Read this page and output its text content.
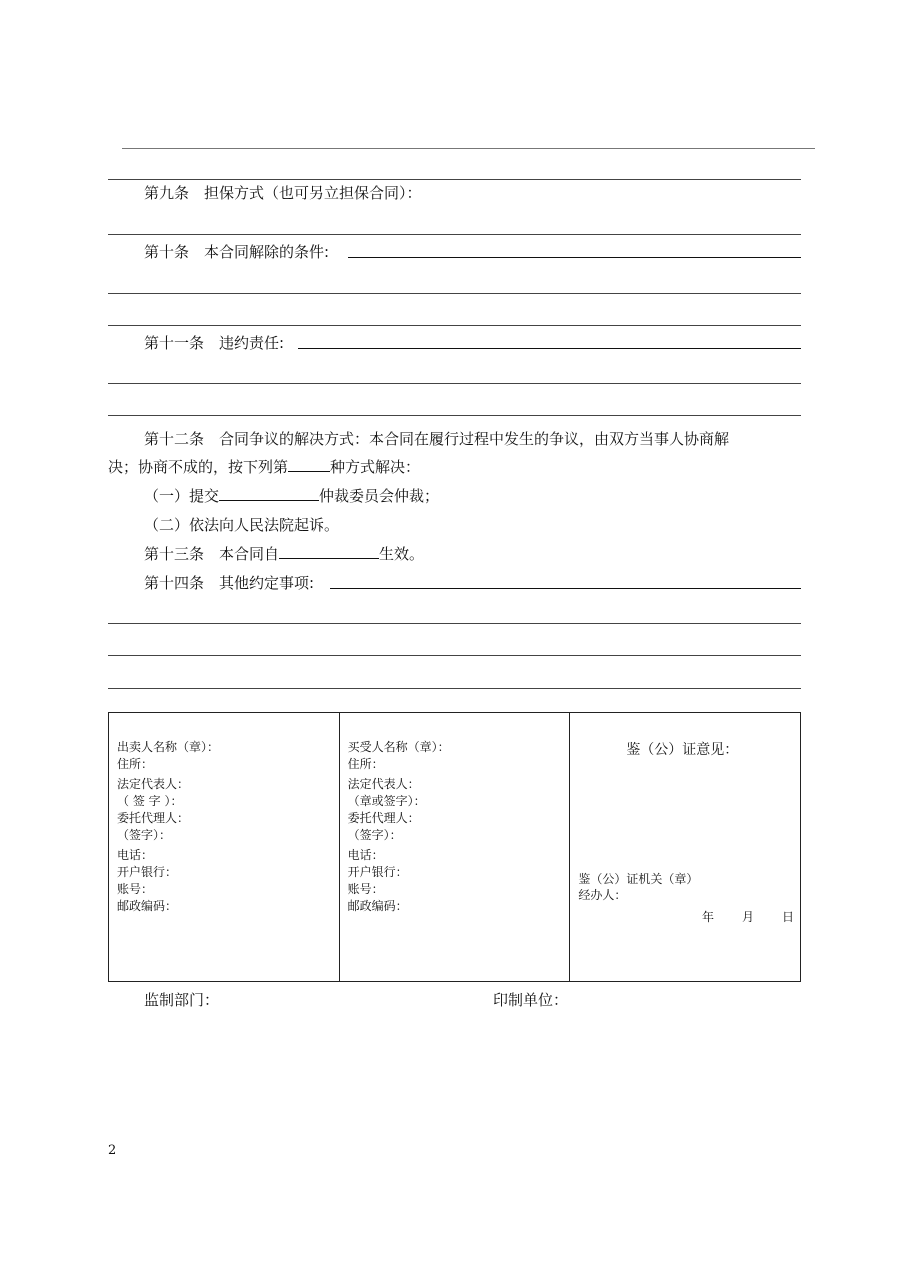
第九条　担保方式（也可另立担保合同）：
第十条　本合同解除的条件:
第十一条　违约责任:
第十二条　合同争议的解决方式：本合同在履行过程中发生的争议，由双方当事人协商解
决；协商不成的，按下列第	种方式解决：
（一）提交	仲裁委员会仲裁；
（二）依法向人民法院起诉。
第十三条　本合同自	生效。
第十四条　其他约定事项:
出卖人名称（章）：
住所：
法定代表人：
（ 签 字 ）：
委托代理人：
（签字）：
电话：
开户银行：
账号：
邮政编码：

买受人名称（章）：
住所：
法定代表人：
（章或签字）：
委托代理人：
（签字）：
电话：
开户银行：
账号：
邮政编码：

鉴（公）证意见：
鉴（公）证机关（章）
经办人：
年 月 日
监制部门：	印制单位：
2
